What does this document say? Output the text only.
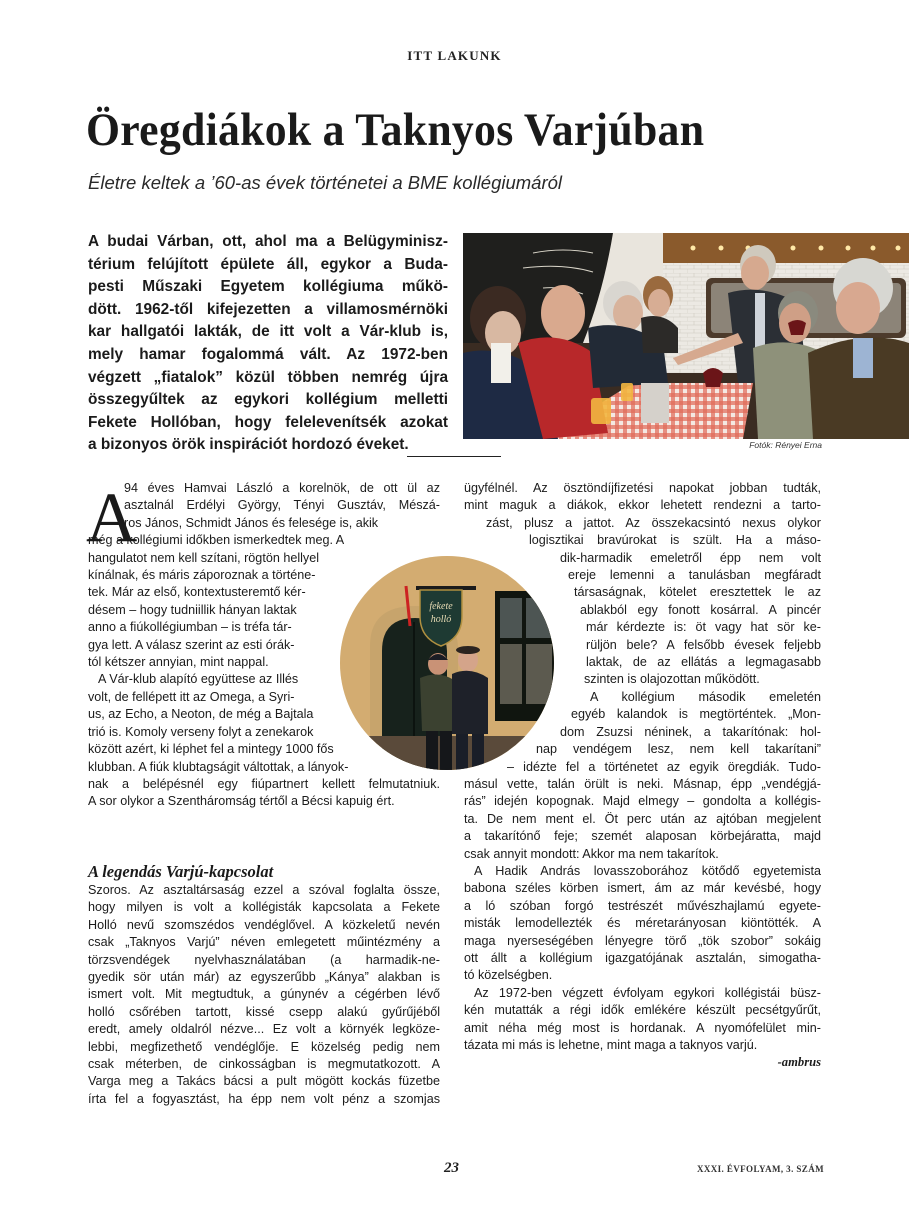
ITT LAKUNK
Öregdiákok a Taknyos Varjúban
Életre keltek a ’60-as évek történetei a BME kollégiumáról
A budai Várban, ott, ahol ma a Belügyminisz-
térium felújított épülete áll, egykor a Buda-
pesti Műszaki Egyetem kollégiuma műkö-
dött. 1962-től kifejezetten a villamosmérnöki
kar hallgatói lakták, de itt volt a Vár-klub is,
mely hamar fogalommá vált. Az 1972-ben
végzett „fiatalok” közül többen nemrég újra
összegyűltek az egykori kollégium melletti
Fekete Hollóban, hogy felelevenítsék azokat
a bizonyos örök inspirációt hordozó éveket.	Fotók: Rényei Erna
A
94 éves Hamvai László a korelnök, de ott ül az
asztalnál Erdélyi György, Tényi Gusztáv, Mészá-
ros János, Schmidt János és felesége is, akik
még a kollégiumi időkben ismerkedtek meg. A
hangulatot nem kell szítani, rögtön hellyel
kínálnak, és máris záporoznak a történe-
tek. Már az első, kontextusteremtő kér-
désem – hogy tudniillik hányan laktak
anno a fiúkollégiumban – is tréfa tár-
gya lett. A válasz szerint az esti órák-
tól kétszer annyian, mint nappal.
A Vár-klub alapító együttese az Illés
volt, de fellépett itt az Omega, a Syri-
us, az Echo, a Neoton, de még a Bajtala
trió is. Komoly verseny folyt a zenekarok
között azért, ki léphet fel a mintegy 1000 fős
klubban. A fiúk klubtagságit váltottak, a lányok-
nak a belépésnél egy fiúpartnert kellett felmutatniuk.
A sor olykor a Szentháromság tértől a Bécsi kapuig ért.
A legendás Varjú-kapcsolat
Szoros. Az asztaltársaság ezzel a szóval foglalta össze,
hogy milyen is volt a kollégisták kapcsolata a Fekete
Holló nevű szomszédos vendéglővel. A közkeletű nevén
csak „Taknyos Varjú” néven emlegetett műintézmény a
törzsvendégek nyelvhasználatában (a harmadik-ne-
gyedik sör után már) az egyszerűbb „Kánya” alakban is
ismert volt. Mit megtudtuk, a gúnynév a cégérben lévő
holló csőrében tartott, kissé csepp alakú gyűrűjéből
eredt, amely oldalról nézve... Ez volt a környék legköze-
lebbi, megfizethető vendéglője. E közelség pedig nem
csak méterben, de cinkosságban is megmutatkozott. A
Varga meg a Takács bácsi a pult mögött kockás füzetbe
írta fel a fogyasztást, ha épp nem volt pénz a szomjas
ügyfélnél. Az ösztöndíjfizetési napokat jobban tudták,
mint maguk a diákok, ekkor lehetett rendezni a tarto-
zást, plusz a jattot. Az összekacsintó nexus olykor
logisztikai bravúrokat is szült. Ha a máso-
dik-harmadik emeletről épp nem volt
ereje lemenni a tanulásban megfáradt
társaságnak, kötelet eresztettek le az
ablakból egy fonott kosárral. A pincér
már kérdezte is: öt vagy hat sör ke-
rüljön bele? A felsőbb évesek feljebb
laktak, de az ellátás a legmagasabb
szinten is olajozottan működött.
A kollégium második emeletén
egyéb kalandok is megtörténtek. „Mon-
dom Zsuzsi néninek, a takarítónak: hol-
nap vendégem lesz, nem kell takarítani”
– idézte fel a történetet az egyik öregdiák. Tudo-
másul vette, talán örült is neki. Másnap, épp „vendégjá-
rás” idején kopognak. Majd elmegy – gondolta a kollégis-
ta. De nem ment el. Öt perc után az ajtóban megjelent
a takarítónő feje; szemét alaposan körbejáratta, majd
csak annyit mondott: Akkor ma nem takarítok.
A Hadik András lovasszoborához kötődő egyetemista
babona széles körben ismert, ám az már kevésbé, hogy
a ló szóban forgó testrészét művészhajlamú egyete-
misták lemodellezték és méretarányosan kiöntötték. A
maga nyerseségében lényegre törő „tök szobor” sokáig
ott állt a kollégium igazgatójának asztalán, simogatha-
tó közelségben.
Az 1972-ben végzett évfolyam egykori kollégistái büsz-
kén mutatták a régi idők emlékére készült pecsétgyűrűt,
amit néha még most is hordanak. A nyomófelület min-
tázata mi más is lehetne, mint maga a taknyos varjú.
-ambrus
fekete
holló
23	XXXI. ÉVFOLYAM, 3. SZÁM
